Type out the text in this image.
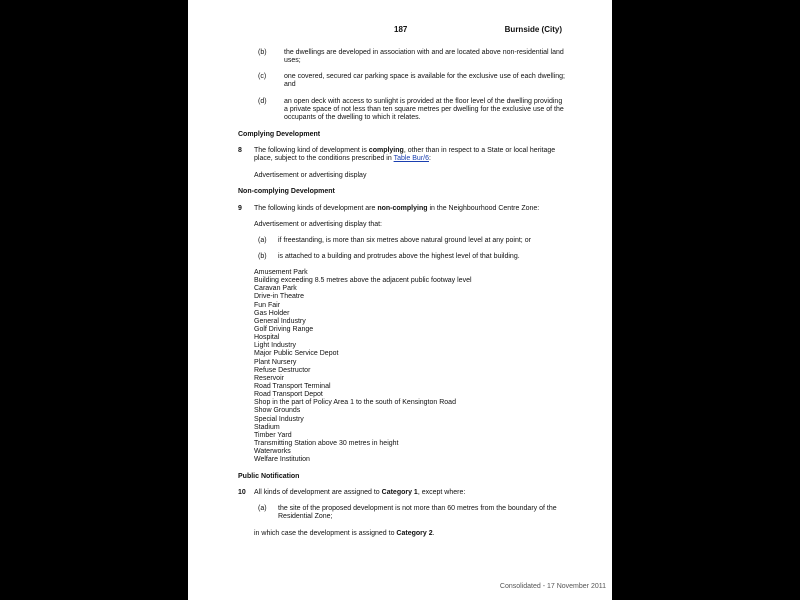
187	Burnside (City)
(b) the dwellings are developed in association with and are located above non-residential land uses;
(c)	one covered, secured car parking space is available for the exclusive use of each dwelling; and
(d) an open deck with access to sunlight is provided at the floor level of the dwelling providing a private space of not less than ten square metres per dwelling for the exclusive use of the occupants of the dwelling to which it relates.
Complying Development
8 The following kind of development is complying, other than in respect to a State or local heritage place, subject to the conditions prescribed in Table Bur/6:
Advertisement or advertising display
Non-complying Development
9 The following kinds of development are non-complying in the Neighbourhood Centre Zone:
Advertisement or advertising display that:
(a) if freestanding, is more than six metres above natural ground level at any point; or
(b) is attached to a building and protrudes above the highest level of that building.
Amusement Park
Building exceeding 8.5 metres above the adjacent public footway level
Caravan Park
Drive-in Theatre
Fun Fair
Gas Holder
General Industry
Golf Driving Range
Hospital
Light Industry
Major Public Service Depot
Plant Nursery
Refuse Destructor
Reservoir
Road Transport Terminal
Road Transport Depot
Shop in the part of Policy Area 1 to the south of Kensington Road
Show Grounds
Special Industry
Stadium
Timber Yard
Transmitting Station above 30 metres in height
Waterworks
Welfare Institution
Public Notification
10 All kinds of development are assigned to Category 1, except where:
(a) the site of the proposed development is not more than 60 metres from the boundary of the Residential Zone;
in which case the development is assigned to Category 2.
Consolidated - 17 November 2011
